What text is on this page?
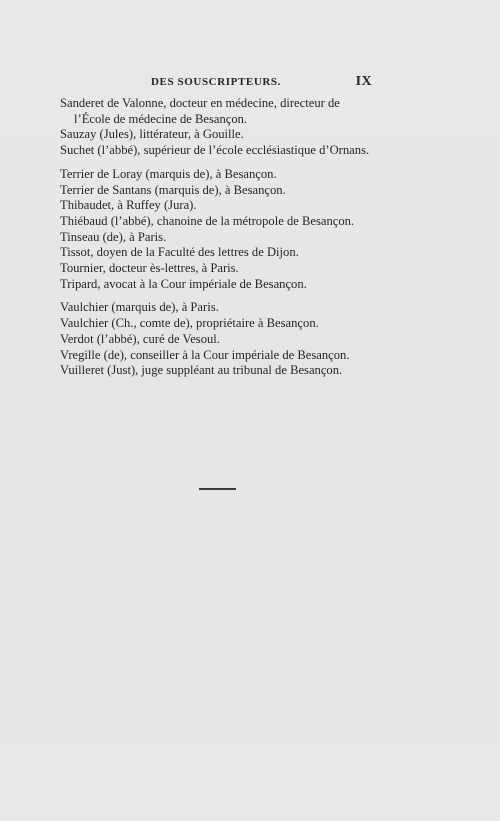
DES SOUSCRIPTEURS.	IX

Sanderet de Valonne, docteur en médecine, directeur de l’École de médecine de Besançon.

Sauzay (Jules), littérateur, à Gouille.

Suchet (l’abbé), supérieur de l’école ecclésiastique d’Ornans.

Terrier de Loray (marquis de), à Besançon.

Terrier de Santans (marquis de), à Besançon.

Thibaudet, à Ruffey (Jura).

Thiébaud (l’abbé), chanoine de la métropole de Besançon.

Tinseau (de), à Paris.

Tissot, doyen de la Faculté des lettres de Dijon.

Tournier, docteur ès-lettres, à Paris.

Tripard, avocat à la Cour impériale de Besançon.

Vaulchier (marquis de), à Paris.

Vaulchier (Ch., comte de), propriétaire à Besançon.

Verdot (l’abbé), curé de Vesoul.

Vregille (de), conseiller à la Cour impériale de Besançon.

Vuilleret (Just), juge suppléant au tribunal de Besançon.
